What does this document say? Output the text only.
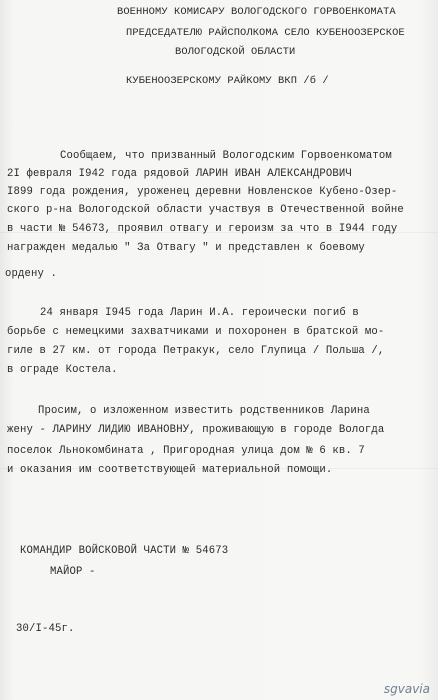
ВОЕННОМУ КОМИСАРУ ВОЛОГОДСКОГО ГОРВОЕНКОМАТА
ПРЕДСЕДАТЕЛЮ РАЙСПОЛКОМА СЕЛО КУБЕНООЗЕРСКОЕ
ВОЛОГОДСКОЙ ОБЛАСТИ
КУБЕНООЗЕРСКОМУ РАЙКОМУ ВКП /б /
Сообщаем, что призванный Вологодским Горвоенкоматом
2I февраля I942 года рядовой ЛАРИН ИВАН АЛЕКСАНДРОВИЧ
I899 года рождения, уроженец деревни Новленское Кубено-Озер-
ского р-на Вологодской области участвуя в Отечественной войне
в части № 54673, проявил отвагу и героизм за что в I944 году
награжден медалью " За Отвагу " и представлен к боевому
ордену .
24 января I945 года Ларин И.А. героически погиб в
борьбе с немецкими захватчиками и похоронен в братской мо-
гиле в 27 км. от города Петракук, село Глупица / Польша /,
в ограде Костела.
Просим, о изложенном известить родственников Ларина
жену - ЛАРИНУ ЛИДИЮ ИВАНОВНУ, проживающую в городе Вологда
поселок Льнокомбината , Пригородная улица дом № 6 кв. 7
и оказания им соответствующей материальной помощи.
КОМАНДИР ВОЙСКОВОЙ ЧАСТИ № 54673
МАЙОР -
30/I-45г.
sgvavia
